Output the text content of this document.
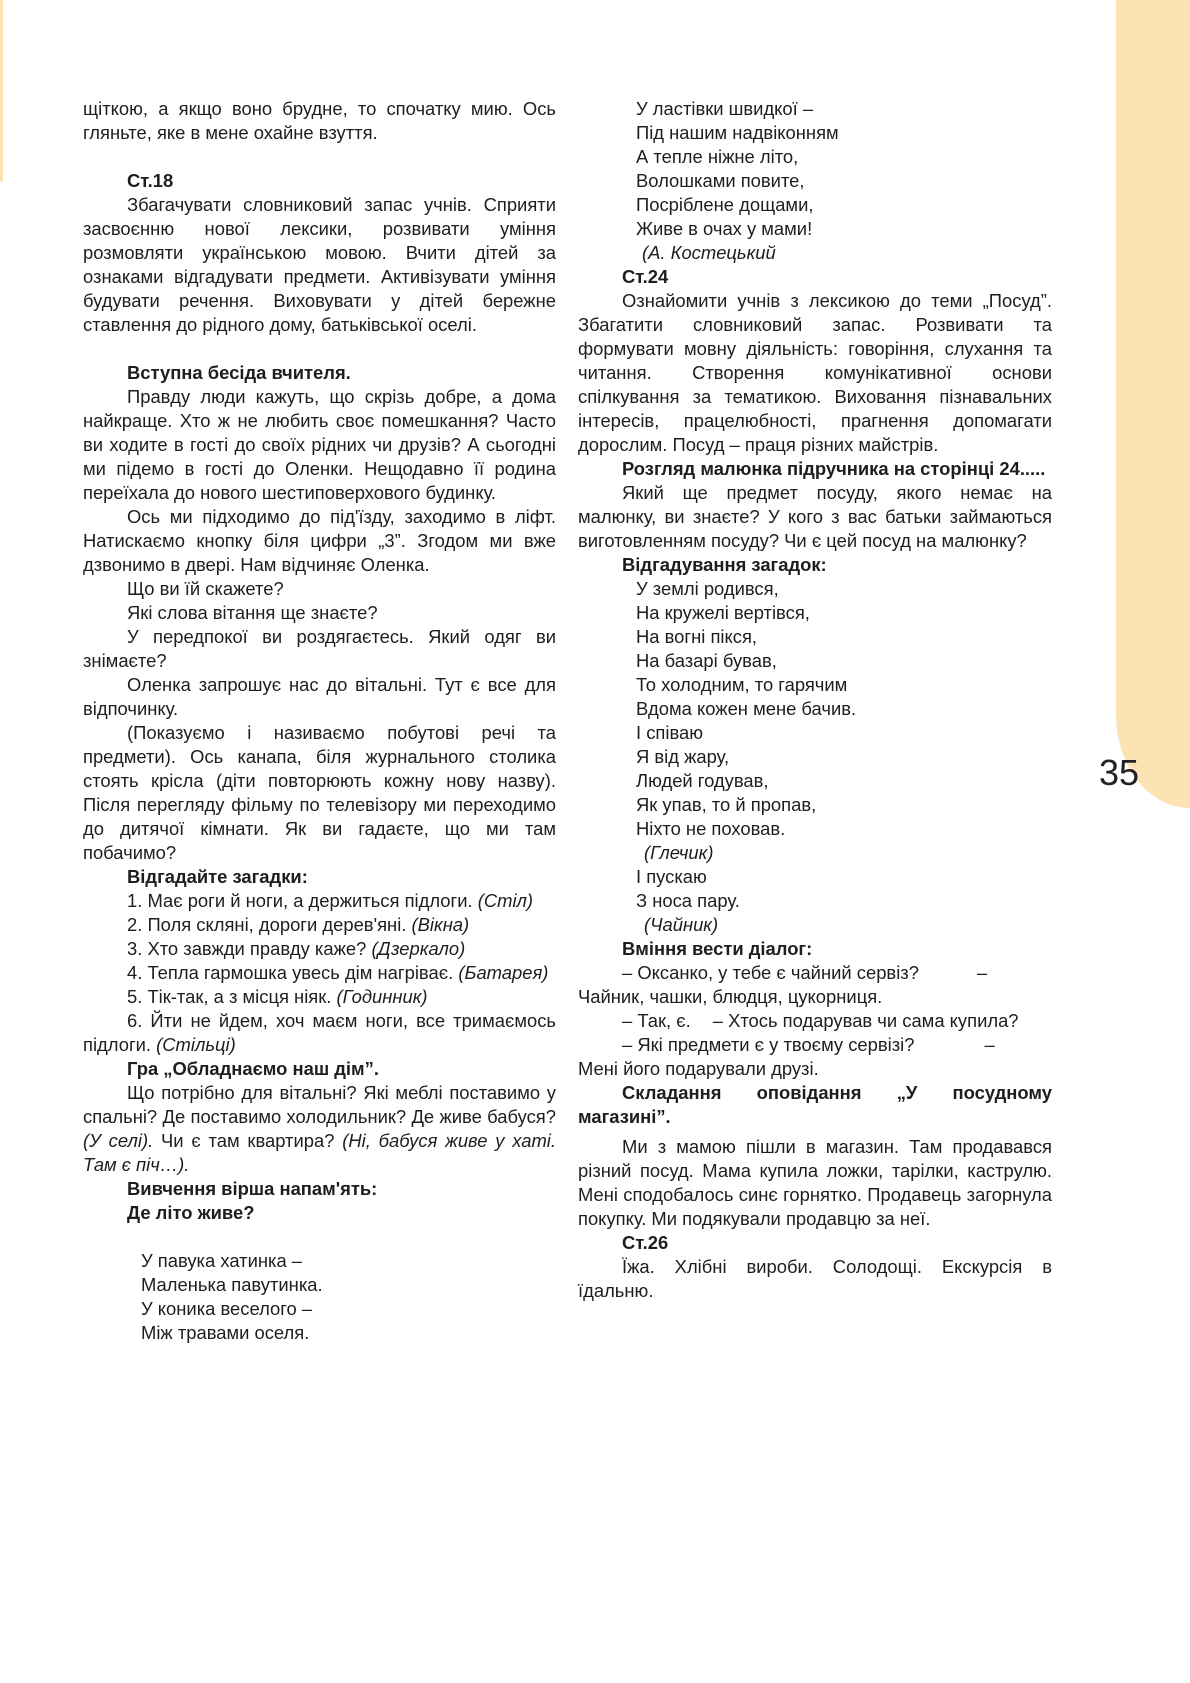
35

щіткою, а якщо воно брудне, то спочатку мию. Ось гляньте, яке в мене охайне взуття.

Ст.18

Збагачувати словниковий запас учнів. Сприяти засвоєнню нової лексики, розвивати уміння розмовляти українською мовою. Вчити дітей за ознаками відгадувати предмети. Активізувати уміння будувати речення. Виховувати у дітей бережне ставлення до рідного дому, батьківської оселі.

Вступна бесіда вчителя.

Правду люди кажуть, що скрізь добре, а дома найкраще. Хто ж не любить своє помешкання? Часто ви ходите в гості до своїх рідних чи друзів? А сьогодні ми підемо в гості до Оленки. Нещодавно її родина переїхала до нового шестиповерхового будинку.

Ось ми підходимо до під'їзду, заходимо в ліфт. Натискаємо кнопку біля цифри „3”. Згодом ми вже дзвонимо в двері. Нам відчиняє Оленка.

Що ви їй скажете?

Які слова вітання ще знаєте?

У передпокої ви роздягаєтесь. Який одяг ви знімаєте?

Оленка запрошує нас до вітальні. Тут є все для відпочинку.

(Показуємо і називаємо побутові речі та предмети). Ось канапа, біля журнального столика стоять крісла (діти повторюють кожну нову назву). Після перегляду фільму по телевізору ми переходимо до дитячої кімнати. Як ви гадаєте, що ми там побачимо?

Відгадайте загадки:

1. Має роги й ноги, а держиться підлоги. (Стіл)

2. Поля скляні, дороги дерев'яні. (Вікна)

3. Хто завжди правду каже? (Дзеркало)

4. Тепла гармошка увесь дім нагріває. (Батарея)

5. Тік-так, а з місця ніяк. (Годинник)

6. Йти не йдем, хоч маєм ноги, все тримаємось підлоги. (Стільці)

Гра „Обладнаємо наш дім”.

Що потрібно для вітальні? Які меблі поставимо у спальні? Де поставимо холодильник? Де живе бабуся? (У селі). Чи є там квартира? (Ні, бабуся живе у хаті. Там є піч…).

Вивчення вірша напам'ять:

Де літо живе?

У павука хатинка –
Маленька павутинка.
У коника веселого –
Між травами оселя.

У ластівки швидкої –
Під нашим надвіконням
А тепле ніжне літо,
Волошками повите,
Посріблене дощами,
Живе в очах у мами!

(А. Костецький

Ст.24

Ознайомити учнів з лексикою до теми „Посуд”. Збагатити словниковий запас. Розвивати та формувати мовну діяльність: говоріння, слухання та читання. Створення комунікативної основи спілкування за тематикою. Виховання пізнавальних інтересів, працелюбності, прагнення допомагати дорослим. Посуд – праця різних майстрів.

Розгляд малюнка підручника на сторінці 24.....

Який ще предмет посуду, якого немає на малюнку, ви знаєте? У кого з вас батьки займаються виготовленням посуду? Чи є цей посуд на малюнку?

Відгадування загадок:

У землі родився,
На кружелі вертівся,
На вогні пікся,
На базарі бував,
То холодним, то гарячим
Вдома кожен мене бачив.
І співаю
Я від жару,
Людей годував,
Як упав, то й пропав,
Ніхто не поховав.

(Глечик)

І пускаю
З носа пару.

(Чайник)

Вміння вести діалог:

– Оксанко, у тебе є чайний сервіз?	–

Чайник, чашки, блюдця, цукорниця.

– Так, є. – Хтось подарував чи сама купила?

– Які предмети є у твоєму сервізі?	–

Мені його подарували друзі.

Складання оповідання „У посудному магазині”.

Ми з мамою пішли в магазин. Там продавався різний посуд. Мама купила ложки, тарілки, каструлю. Мені сподобалось синє горнятко. Продавець загорнула покупку. Ми подякували продавцю за неї.

Ст.26

Їжа. Хлібні вироби. Солодощі. Екскурсія в їдальню.
